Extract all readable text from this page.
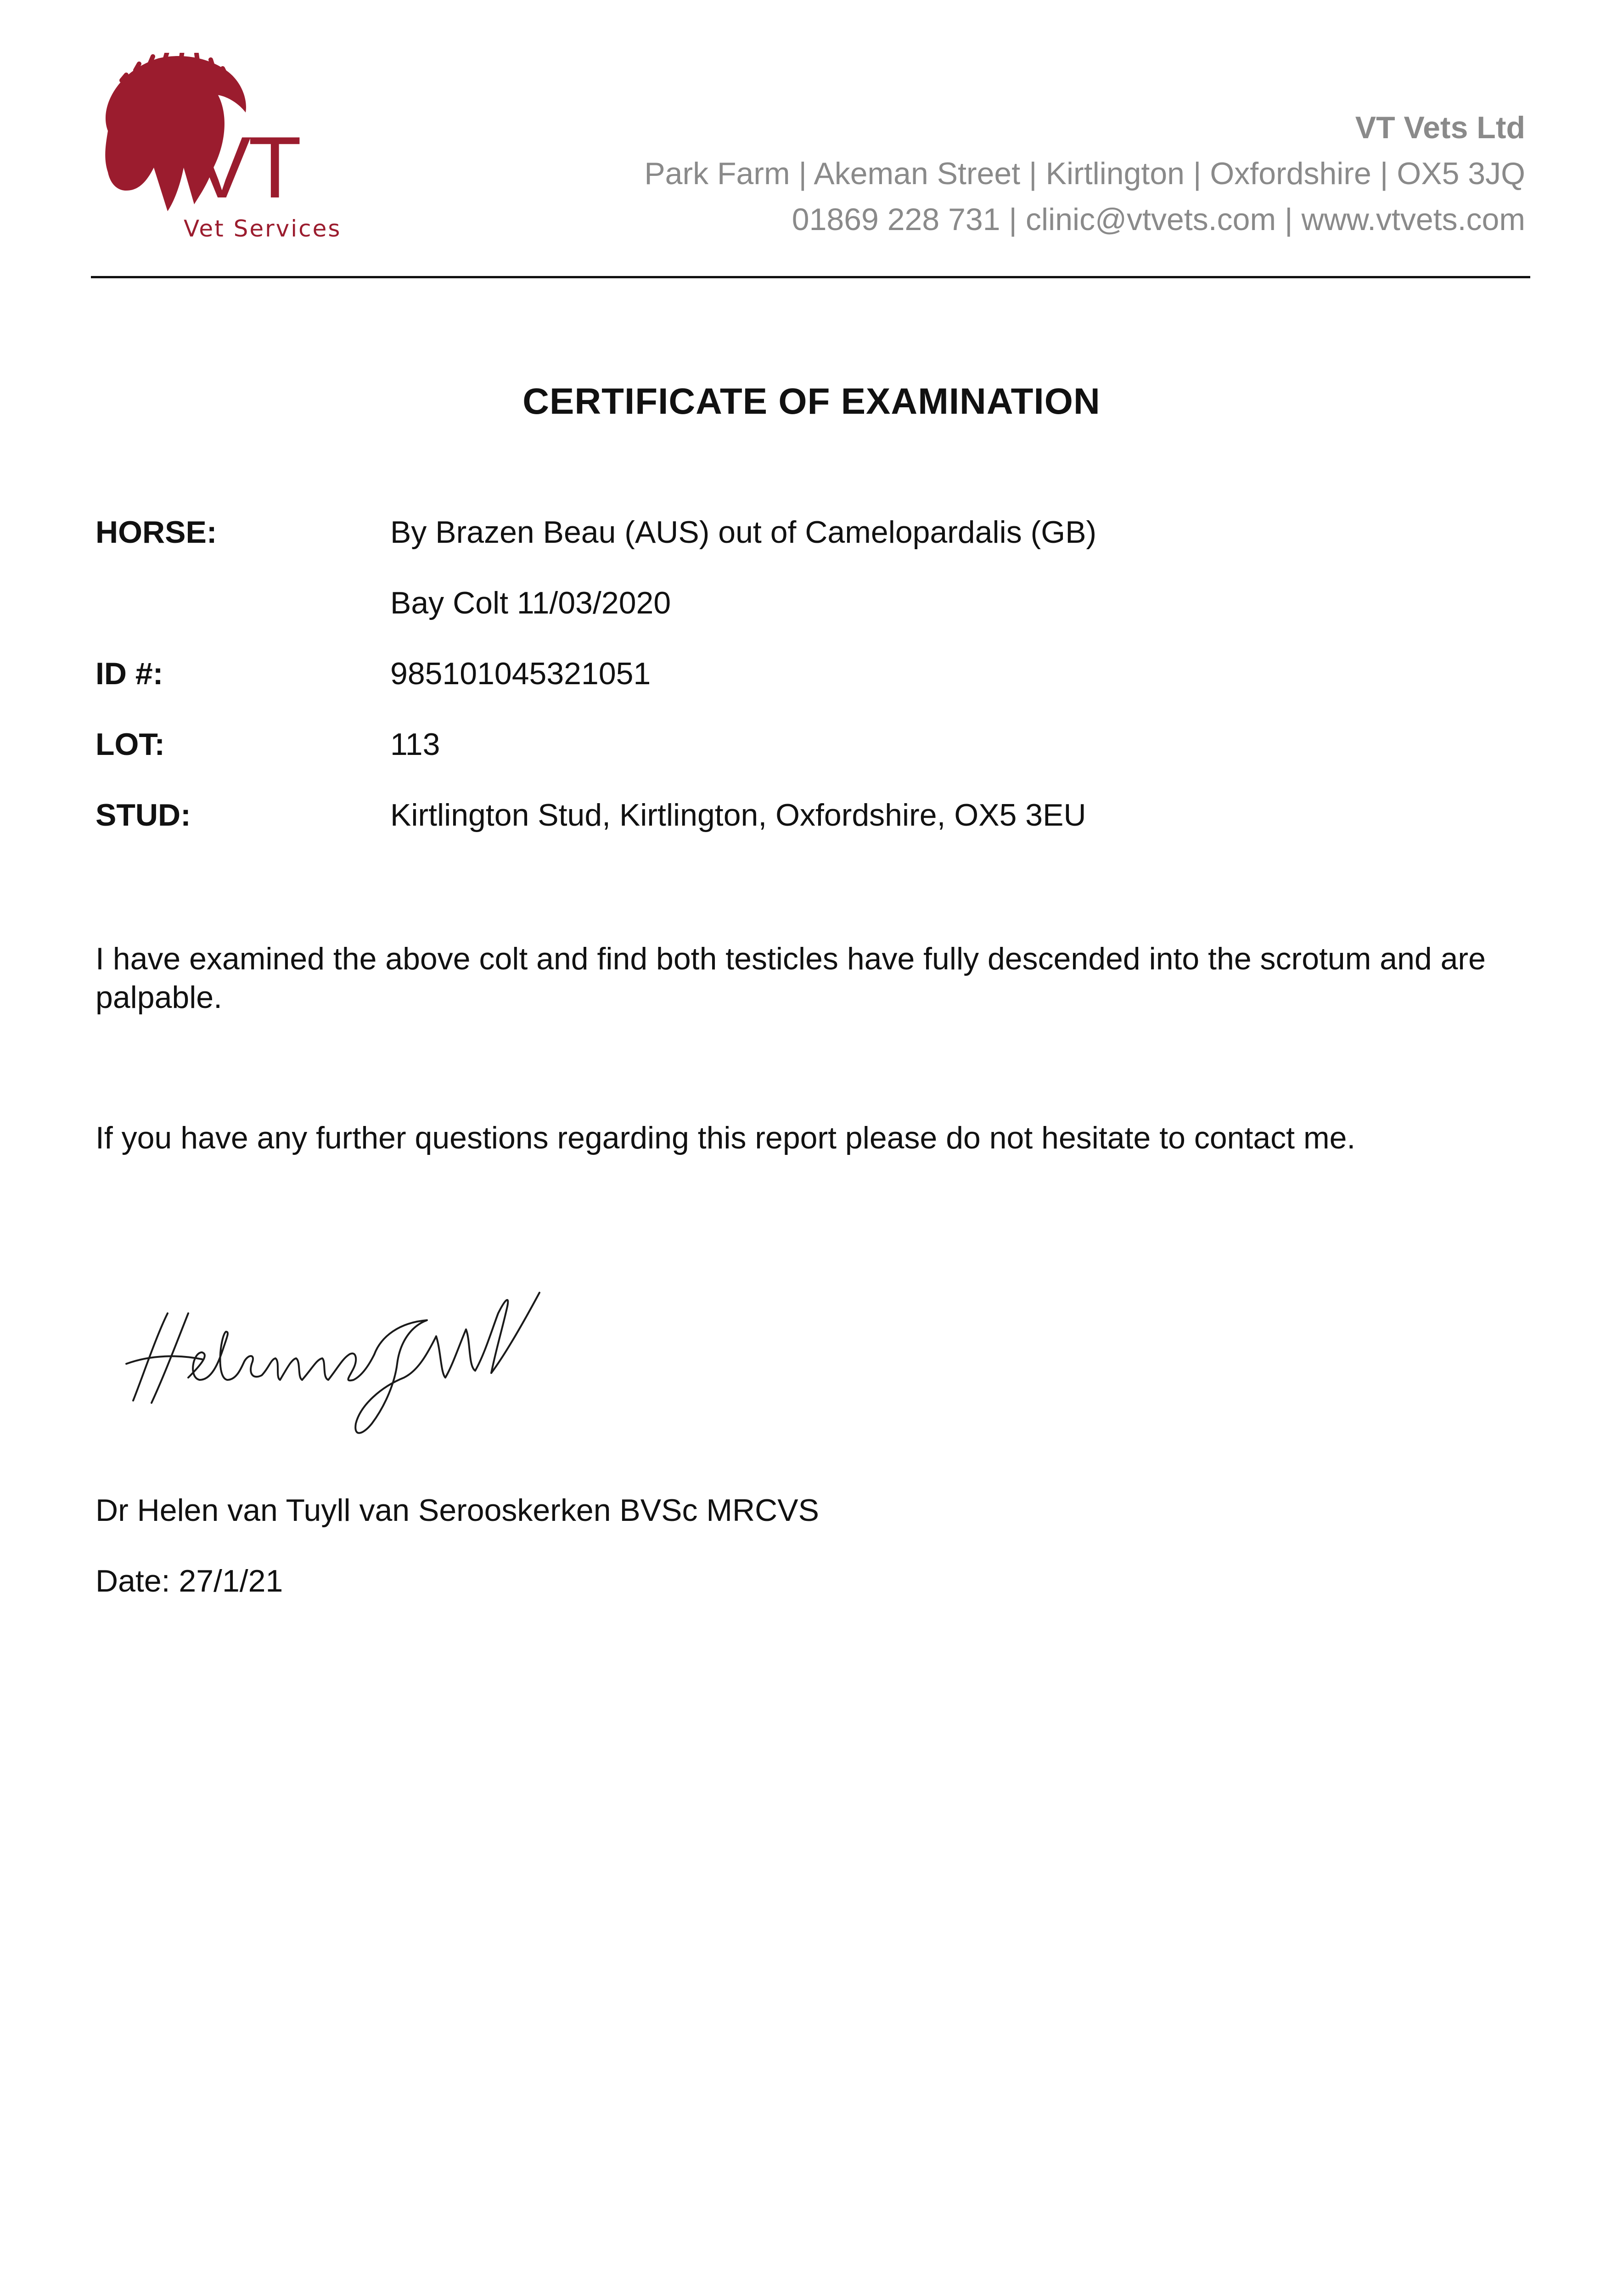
VT
Vet Services
VT Vets Ltd
Park Farm | Akeman Street | Kirtlington | Oxfordshire | OX5 3JQ
01869 228 731 | clinic@vtvets.com | www.vtvets.com
CERTIFICATE OF EXAMINATION
HORSE:	By Brazen Beau (AUS) out of Camelopardalis (GB)
Bay Colt 11/03/2020
ID #:	985101045321051
LOT:	113
STUD:	Kirtlington Stud, Kirtlington, Oxfordshire, OX5 3EU
I have examined the above colt and find both testicles have fully descended into the scrotum and are palpable.
If you have any further questions regarding this report please do not hesitate to contact me.
Dr Helen van Tuyll van Serooskerken BVSc MRCVS
Date: 27/1/21
